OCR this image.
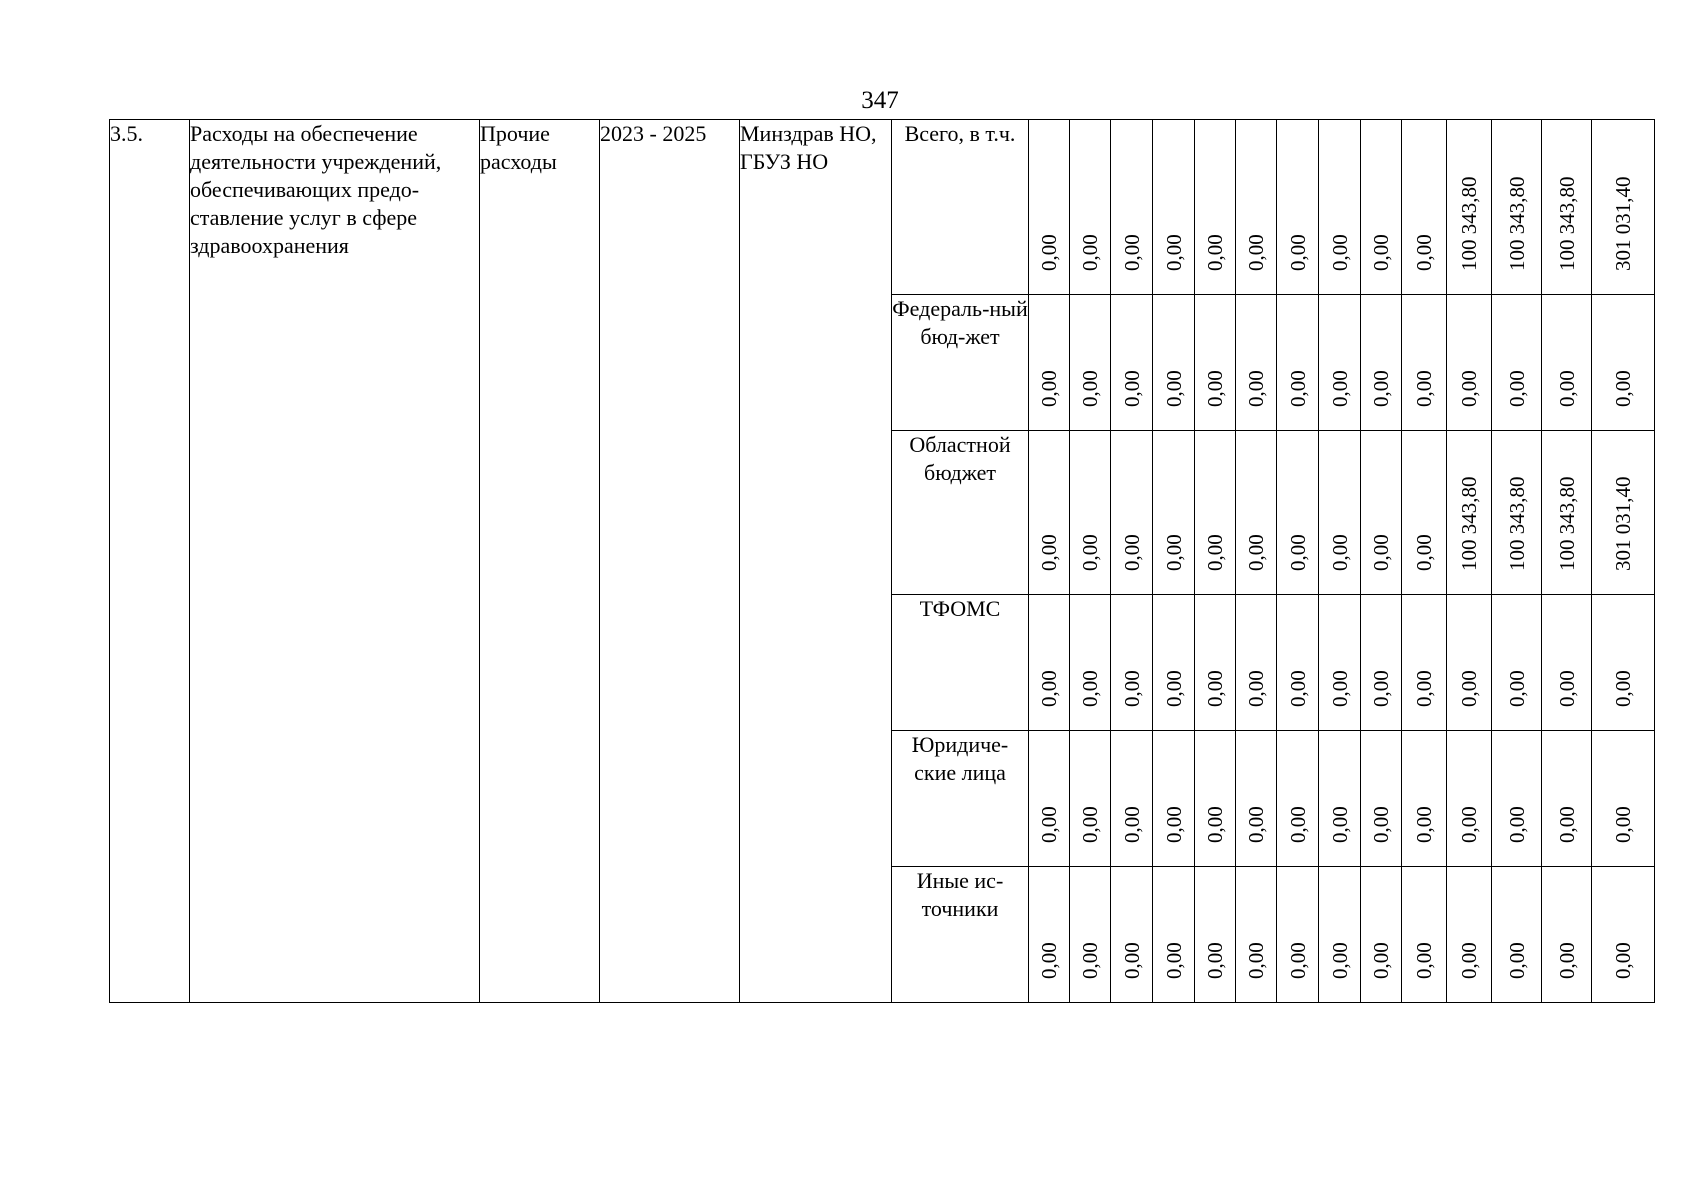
347
3.5.	Расходы на обеспечение деятельности учреждений, обеспечивающих предоставление услуг в сфере здравоохранения	Прочие расходы	2023 - 2025	Минздрав НО, ГБУЗ НО	Всего, в т.ч.	0,00	0,00	0,00	0,00	0,00	0,00	0,00	0,00	0,00	0,00	100 343,80	100 343,80	100 343,80	301 031,40

					Федераль-ный бюд-жет	0,00	0,00	0,00	0,00	0,00	0,00	0,00	0,00	0,00	0,00	0,00	0,00	0,00	0,00

					Областной бюджет	0,00	0,00	0,00	0,00	0,00	0,00	0,00	0,00	0,00	0,00	100 343,80	100 343,80	100 343,80	301 031,40

					ТФОМС	0,00	0,00	0,00	0,00	0,00	0,00	0,00	0,00	0,00	0,00	0,00	0,00	0,00	0,00

					Юридиче-ские лица	0,00	0,00	0,00	0,00	0,00	0,00	0,00	0,00	0,00	0,00	0,00	0,00	0,00	0,00

					Иные ис-точники	0,00	0,00	0,00	0,00	0,00	0,00	0,00	0,00	0,00	0,00	0,00	0,00	0,00	0,00
